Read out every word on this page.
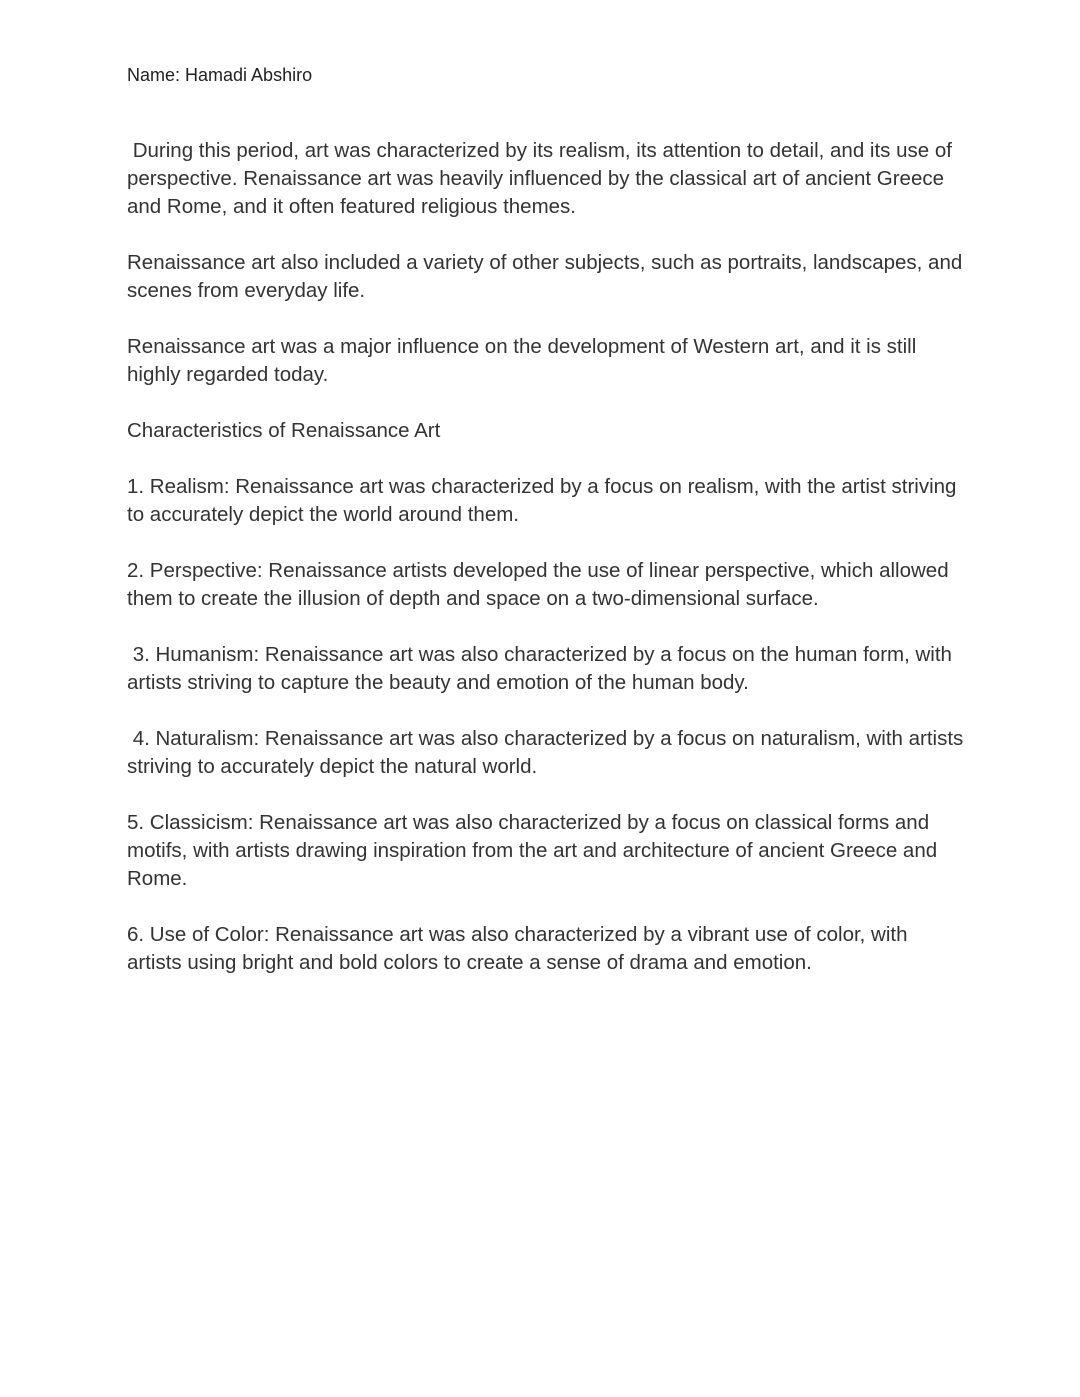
Name: Hamadi Abshiro

During this period, art was characterized by its realism, its attention to detail, and its use of perspective. Renaissance art was heavily influenced by the classical art of ancient Greece and Rome, and it often featured religious themes.

Renaissance art also included a variety of other subjects, such as portraits, landscapes, and scenes from everyday life.

Renaissance art was a major influence on the development of Western art, and it is still highly regarded today.

Characteristics of Renaissance Art

1. Realism: Renaissance art was characterized by a focus on realism, with the artist striving to accurately depict the world around them.

2. Perspective: Renaissance artists developed the use of linear perspective, which allowed them to create the illusion of depth and space on a two-dimensional surface.

3. Humanism: Renaissance art was also characterized by a focus on the human form, with artists striving to capture the beauty and emotion of the human body.

4. Naturalism: Renaissance art was also characterized by a focus on naturalism, with artists striving to accurately depict the natural world.

5. Classicism: Renaissance art was also characterized by a focus on classical forms and motifs, with artists drawing inspiration from the art and architecture of ancient Greece and Rome.

6. Use of Color: Renaissance art was also characterized by a vibrant use of color, with artists using bright and bold colors to create a sense of drama and emotion.
